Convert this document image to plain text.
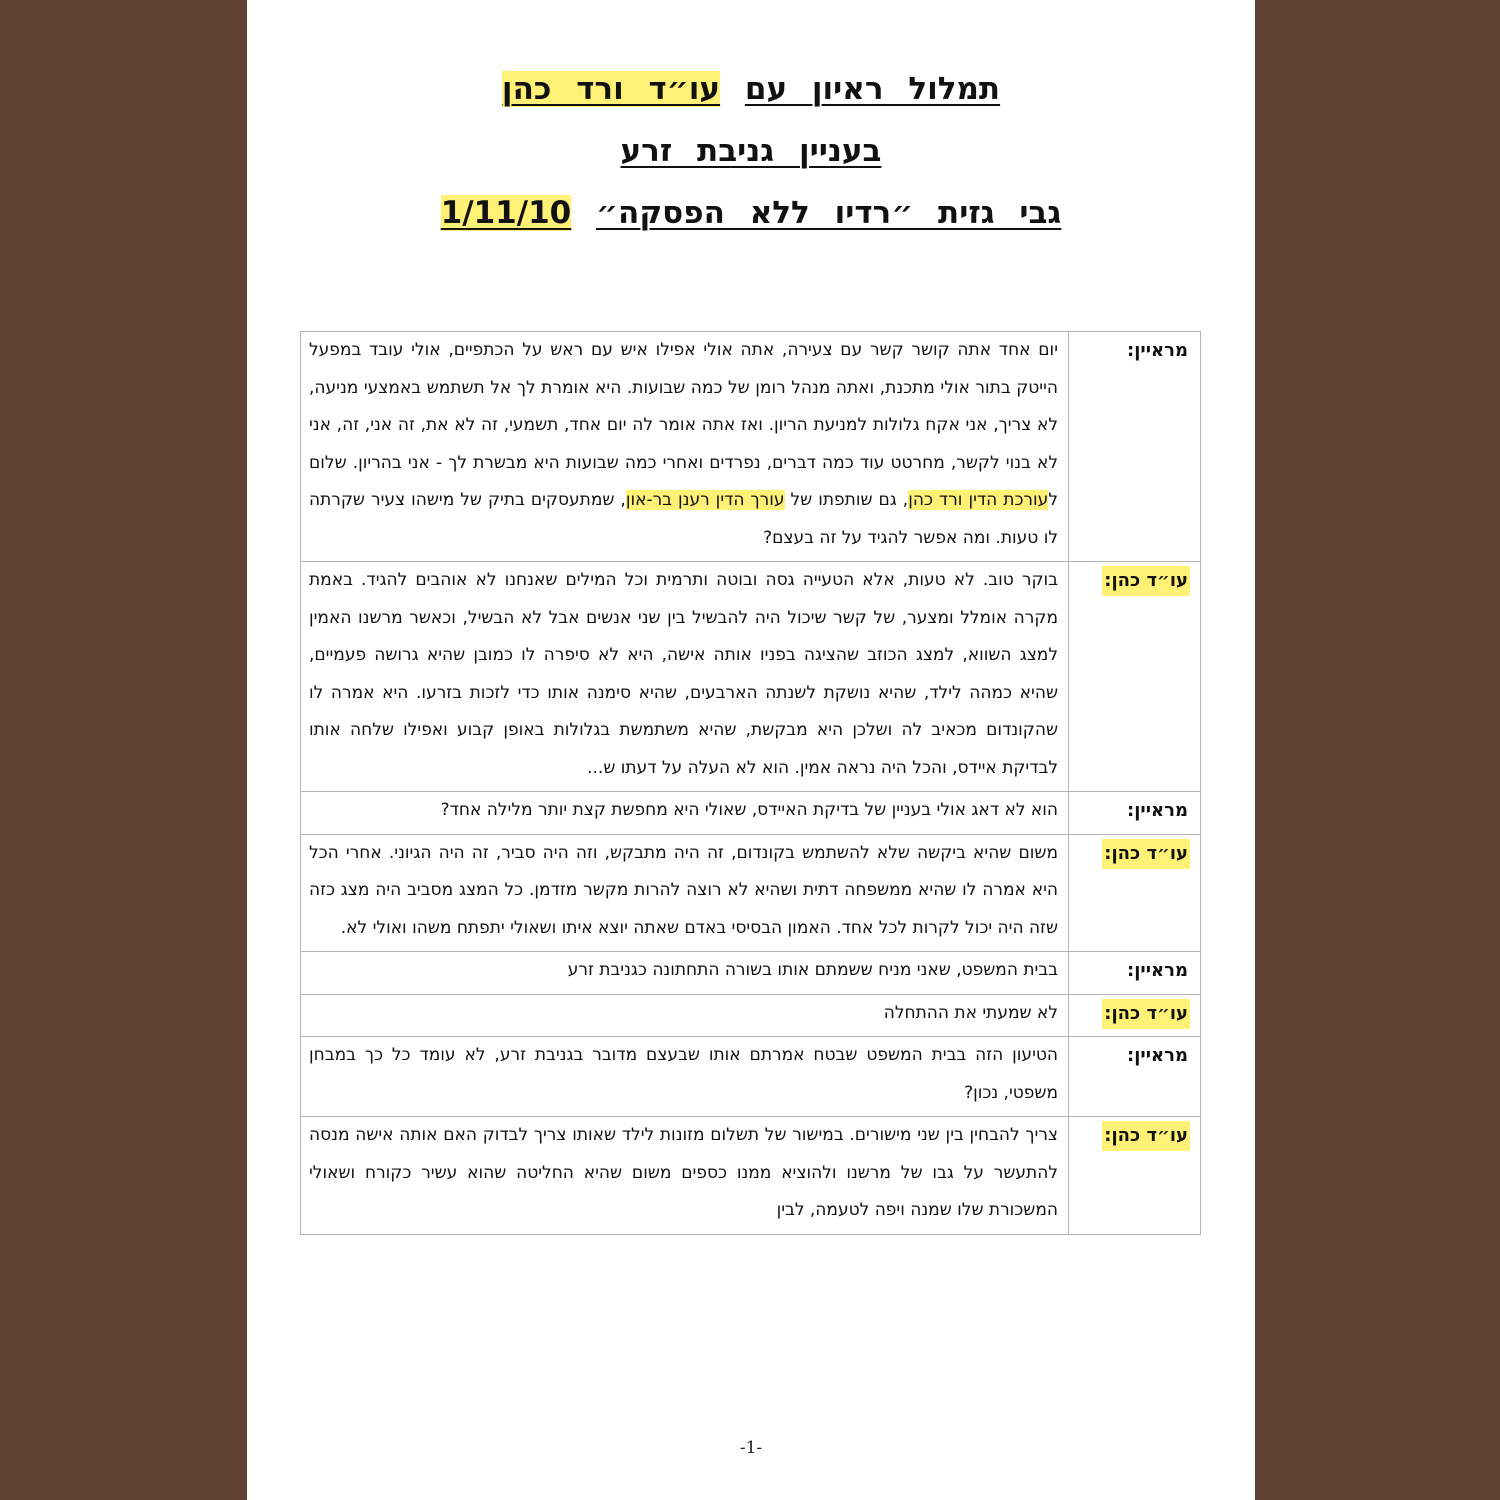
תמלול ראיון עם עו״ד ורד כהן
בעניין גניבת זרע
גבי גזית ״רדיו ללא הפסקה״ 1/11/10
מראיין:	יום אחד אתה קושר קשר עם צעירה, אתה אולי אפילו איש עם ראש על הכתפיים, אולי עובד במפעל הייטק בתור אולי מתכנת, ואתה מנהל רומן של כמה שבועות. היא אומרת לך אל תשתמש באמצעי מניעה, לא צריך, אני אקח גלולות למניעת הריון. ואז אתה אומר לה יום אחד, תשמעי, זה לא את, זה אני, זה, אני לא בנוי לקשר, מחרטט עוד כמה דברים, נפרדים ואחרי כמה שבועות היא מבשרת לך - אני בהריון. שלום לעורכת הדין ורד כהן, גם שותפתו של עורך הדין רענן בר-און, שמתעסקים בתיק של מישהו צעיר שקרתה לו טעות. ומה אפשר להגיד על זה בעצם?

עו״ד כהן:	בוקר טוב. לא טעות, אלא הטעייה גסה ובוטה ותרמית וכל המילים שאנחנו לא אוהבים להגיד. באמת מקרה אומלל ומצער, של קשר שיכול היה להבשיל בין שני אנשים אבל לא הבשיל, וכאשר מרשנו האמין למצג השווא, למצג הכוזב שהציגה בפניו אותה אישה, היא לא סיפרה לו כמובן שהיא גרושה פעמיים, שהיא כמהה לילד, שהיא נושקת לשנתה הארבעים, שהיא סימנה אותו כדי לזכות בזרעו. היא אמרה לו שהקונדום מכאיב לה ושלכן היא מבקשת, שהיא משתמשת בגלולות באופן קבוע ואפילו שלחה אותו לבדיקת איידס, והכל היה נראה אמין. הוא לא העלה על דעתו ש...

מראיין:	הוא לא דאג אולי בעניין של בדיקת האיידס, שאולי היא מחפשת קצת יותר מלילה אחד?

עו״ד כהן:	משום שהיא ביקשה שלא להשתמש בקונדום, זה היה מתבקש, וזה היה סביר, זה היה הגיוני. אחרי הכל היא אמרה לו שהיא ממשפחה דתית ושהיא לא רוצה להרות מקשר מזדמן. כל המצג מסביב היה מצג כזה שזה היה יכול לקרות לכל אחד. האמון הבסיסי באדם שאתה יוצא איתו ושאולי יתפתח משהו ואולי לא.

מראיין:	בבית המשפט, שאני מניח ששמתם אותו בשורה התחתונה כגניבת זרע

עו״ד כהן:	לא שמעתי את ההתחלה

מראיין:	הטיעון הזה בבית המשפט שבטח אמרתם אותו שבעצם מדובר בגניבת זרע, לא עומד כל כך במבחן משפטי, נכון?

עו״ד כהן:	צריך להבחין בין שני מישורים. במישור של תשלום מזונות לילד שאותו צריך לבדוק האם אותה אישה מנסה להתעשר על גבו של מרשנו ולהוציא ממנו כספים משום שהיא החליטה שהוא עשיר כקורח ושאולי המשכורת שלו שמנה ויפה לטעמה, לבין
-1-
